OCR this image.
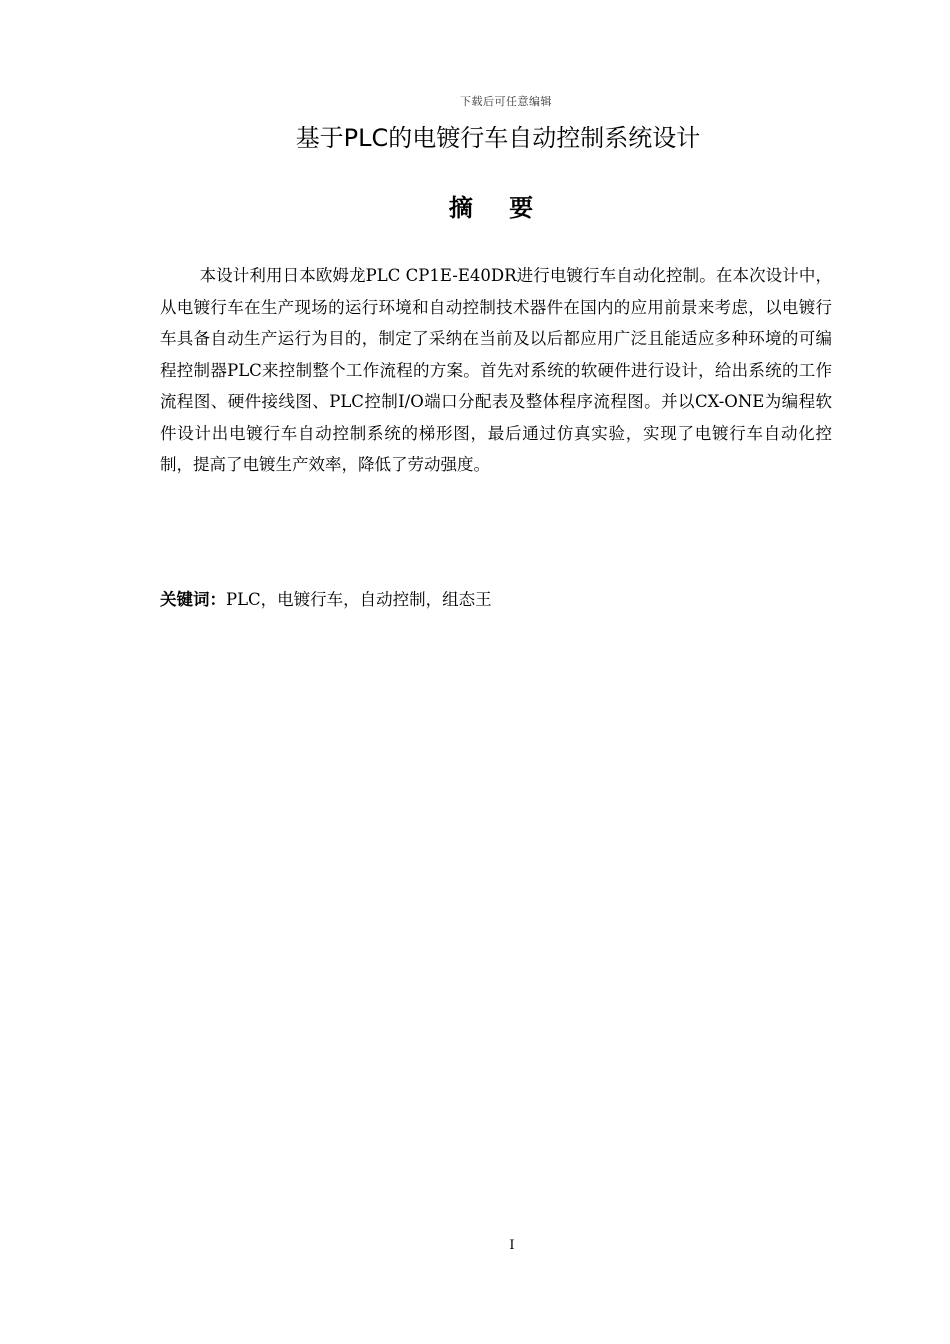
下载后可任意编辑
基于PLC的电镀行车自动控制系统设计
摘 要

本设计利用日本欧姆龙PLC CP1E-E40DR进行电镀行车自动化控制。在本次设计中，从电镀行车在生产现场的运行环境和自动控制技术器件在国内的应用前景来考虑，以电镀行车具备自动生产运行为目的，制定了采纳在当前及以后都应用广泛且能适应多种环境的可编程控制器PLC来控制整个工作流程的方案。首先对系统的软硬件进行设计，给出系统的工作流程图、硬件接线图、PLC控制I/O端口分配表及整体程序流程图。并以CX-ONE为编程软件设计出电镀行车自动控制系统的梯形图，最后通过仿真实验，实现了电镀行车自动化控制，提高了电镀生产效率，降低了劳动强度。

关键词：PLC，电镀行车，自动控制，组态王

I
